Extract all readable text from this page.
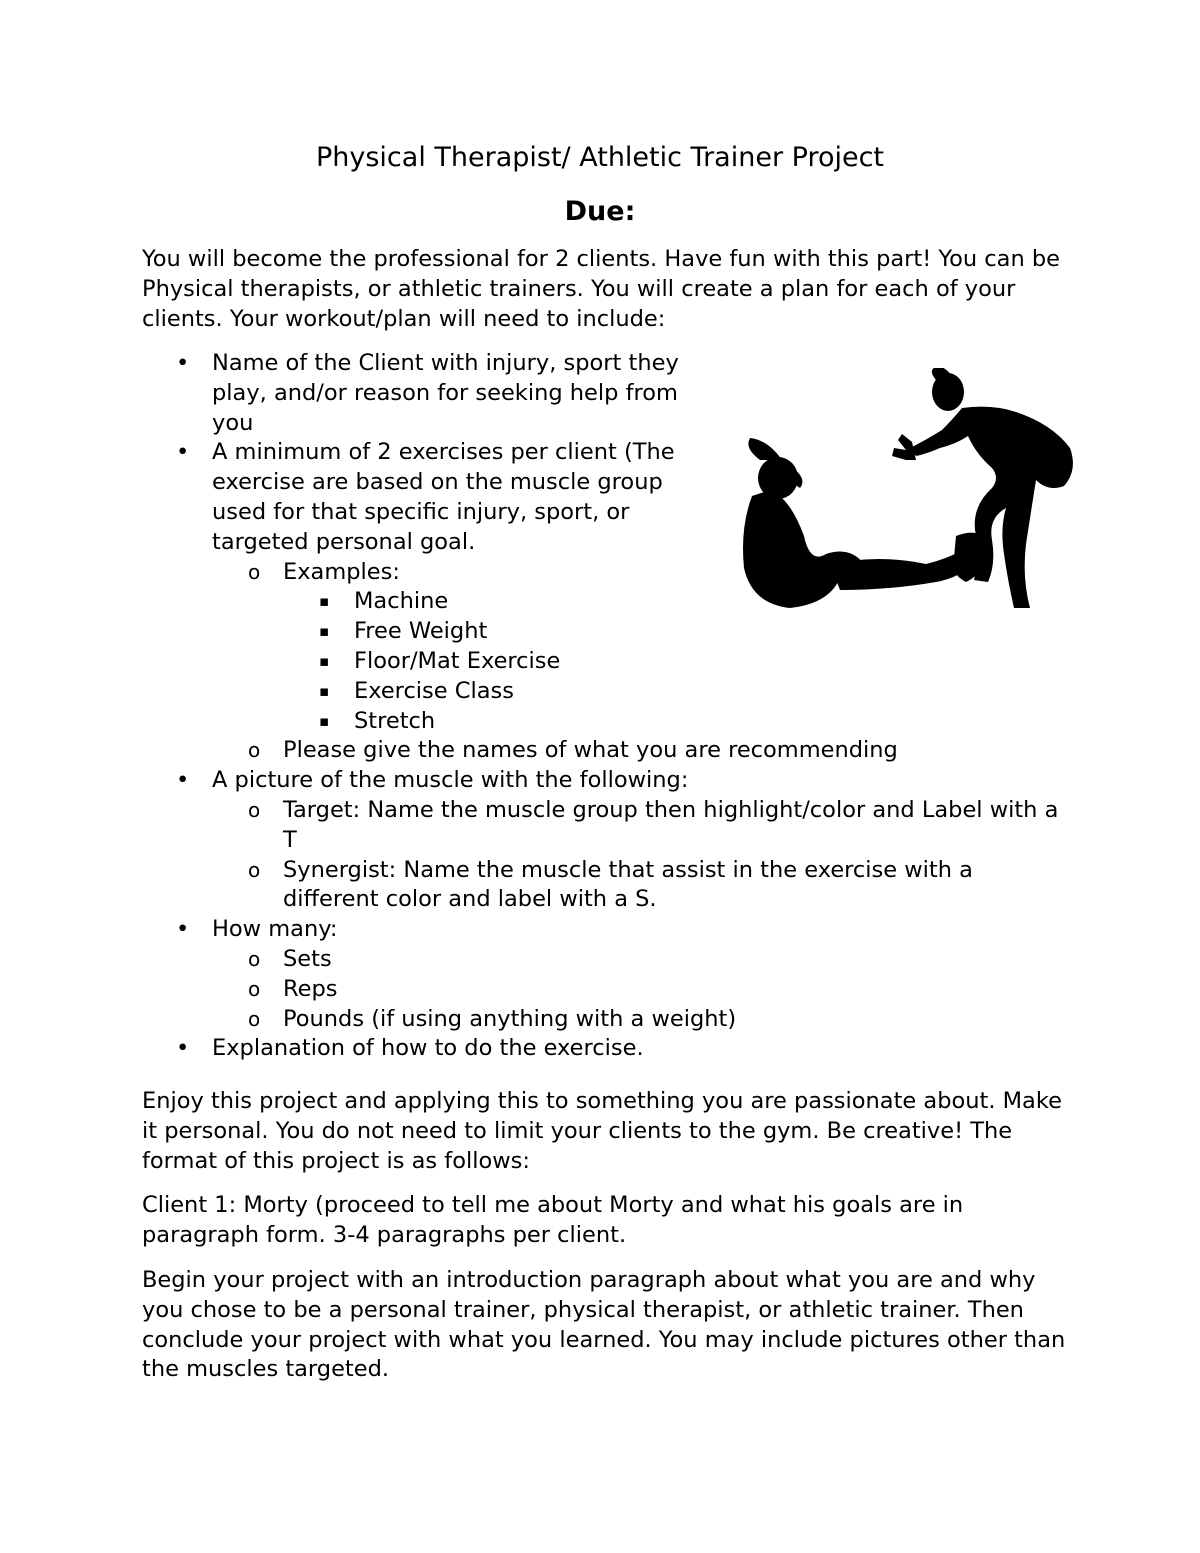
Physical Therapist/ Athletic Trainer Project
Due:

You will become the professional for 2 clients. Have fun with this part! You can be Physical therapists, or athletic trainers. You will create a plan for each of your clients. Your workout/plan will need to include:

• Name of the Client with injury, sport they play, and/or reason for seeking help from you
• A minimum of 2 exercises per client (The exercise are based on the muscle group used for that specific injury, sport, or targeted personal goal.
o Examples:
▪ Machine
▪ Free Weight
▪ Floor/Mat Exercise
▪ Exercise Class
▪ Stretch
o Please give the names of what you are recommending
• A picture of the muscle with the following:
o Target: Name the muscle group then highlight/color and Label with a T
o Synergist: Name the muscle that assist in the exercise with a different color and label with a S.
• How many:
o Sets
o Reps
o Pounds (if using anything with a weight)
• Explanation of how to do the exercise.

Enjoy this project and applying this to something you are passionate about. Make it personal. You do not need to limit your clients to the gym. Be creative! The format of this project is as follows:

Client 1: Morty (proceed to tell me about Morty and what his goals are in paragraph form. 3-4 paragraphs per client.

Begin your project with an introduction paragraph about what you are and why you chose to be a personal trainer, physical therapist, or athletic trainer. Then conclude your project with what you learned. You may include pictures other than the muscles targeted.
